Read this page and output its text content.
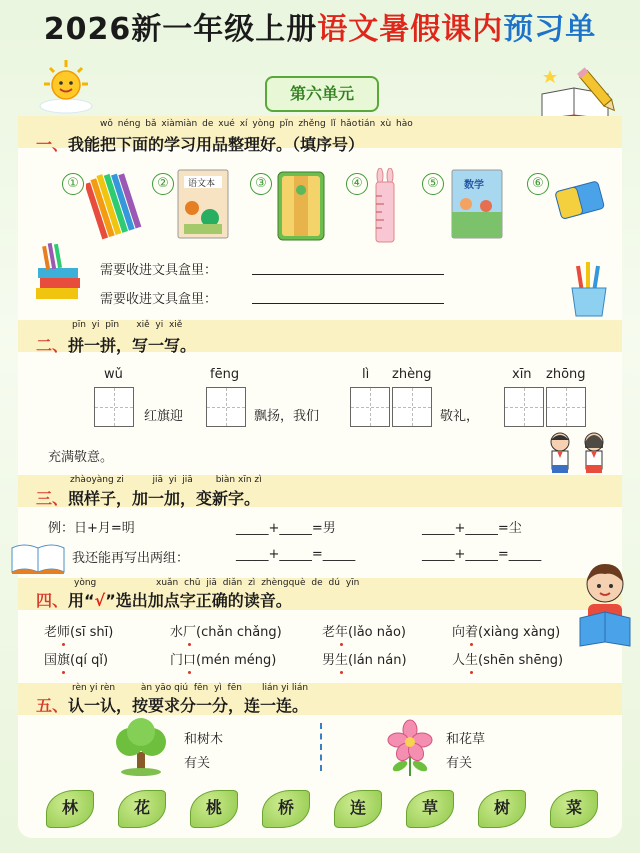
2026新一年级上册语文暑假课内预习单
第六单元
wǒ néng bǎ xiàmiàn de xué xí yòng pǐn zhěng lǐ hǎo tián xù hào
一、我能把下面的学习用品整理好。（填序号）
①	②	③	④	⑤	⑥
语文本	数学
需要收进文具盒里：
需要收进文具盒里：
pīn yi pīn xiě yi xiě
二、拼一拼，写一写。
wǔ	fēng	lì zhèng	xīn zhōng
红旗迎	飘扬，我们	敬礼，
充满敬意。
zhàoyàng zi	jiā yi jiā	biàn xīn zì
三、照样子，加一加，变新字。
例：日+月=明	_____+_____=男	_____+_____=尘
我还能再写出两组：	_____+_____=_____	_____+_____=_____
yòng	xuǎn chū jiā diǎn zì zhèngquè de dú yīn
四、用“√”选出加点字正确的读音。
老师(sī shī)	水厂(chǎn chǎng)	老年(lǎo nǎo)	向着(xiàng xàng)
国旗(qí qǐ)	门口(mén méng)	男生(lán nán)	人生(shēn shēng)
rèn yi rèn	àn yāo qiú fēn yì fēn lián yi lián
五、认一认，按要求分一分，连一连。
和树木
有关
和花草
有关
林	花	桃	桥	连	草	树	菜
